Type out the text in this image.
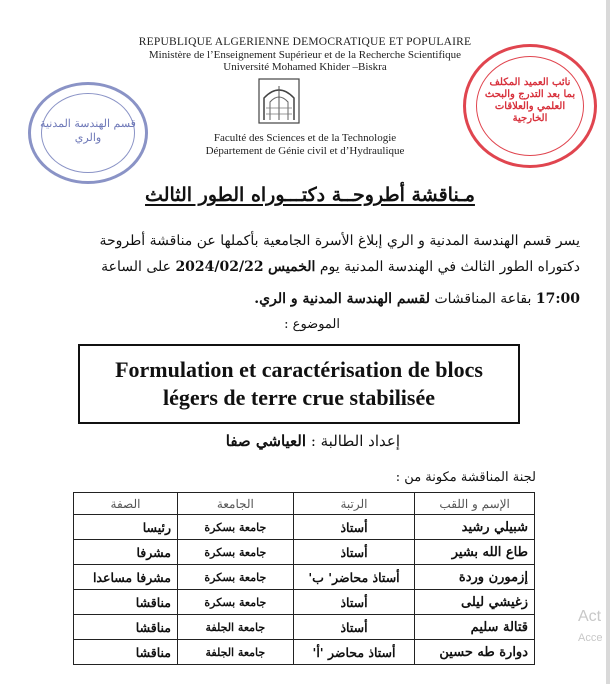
REPUBLIQUE ALGERIENNE DEMOCRATIQUE ET POPULAIRE
Ministère de l’Enseignement Supérieur et de la Recherche Scientifique
Université Mohamed Khider –Biskra
Faculté des Sciences et de la Technologie
Département de Génie civil et d’Hydraulique
قسم الهندسة المدنية والري
نائب العميد المكلف بما بعد التدرج والبحث العلمي والعلاقات الخارجية
مـناقشة أطروحــة دكتـــوراه الطور الثالث
يسر قسم الهندسة المدنية و الري إبلاغ الأسرة الجامعية بأكملها عن مناقشة أطروحة
دكتوراه الطور الثالث في الهندسة المدنية يوم الخميس 2024/02/22 على الساعة
17:00 بقاعة المناقشات لقسم الهندسة المدنية و الري.
الموضوع :
Formulation et caractérisation de blocs
légers de terre crue stabilisée
إعداد الطالبة : العياشي صفا
لجنة المناقشة مكونة من :
الإسم و اللقب	الرتبة	الجامعة	الصفة
شبيلي رشيد	أستاذ	جامعة بسكرة	رئيسا
طاع الله بشير	أستاذ	جامعة بسكرة	مشرفا
إزمورن وردة	أستاذ محاضر' ب'	جامعة بسكرة	مشرفا مساعدا
زغيشي ليلى	أستاذ	جامعة بسكرة	مناقشا
قتالة سليم	أستاذ	جامعة الجلفة	مناقشا
دوارة طه حسين	أستاذ محاضر 'أ'	جامعة الجلفة	مناقشا
Act
Acce
